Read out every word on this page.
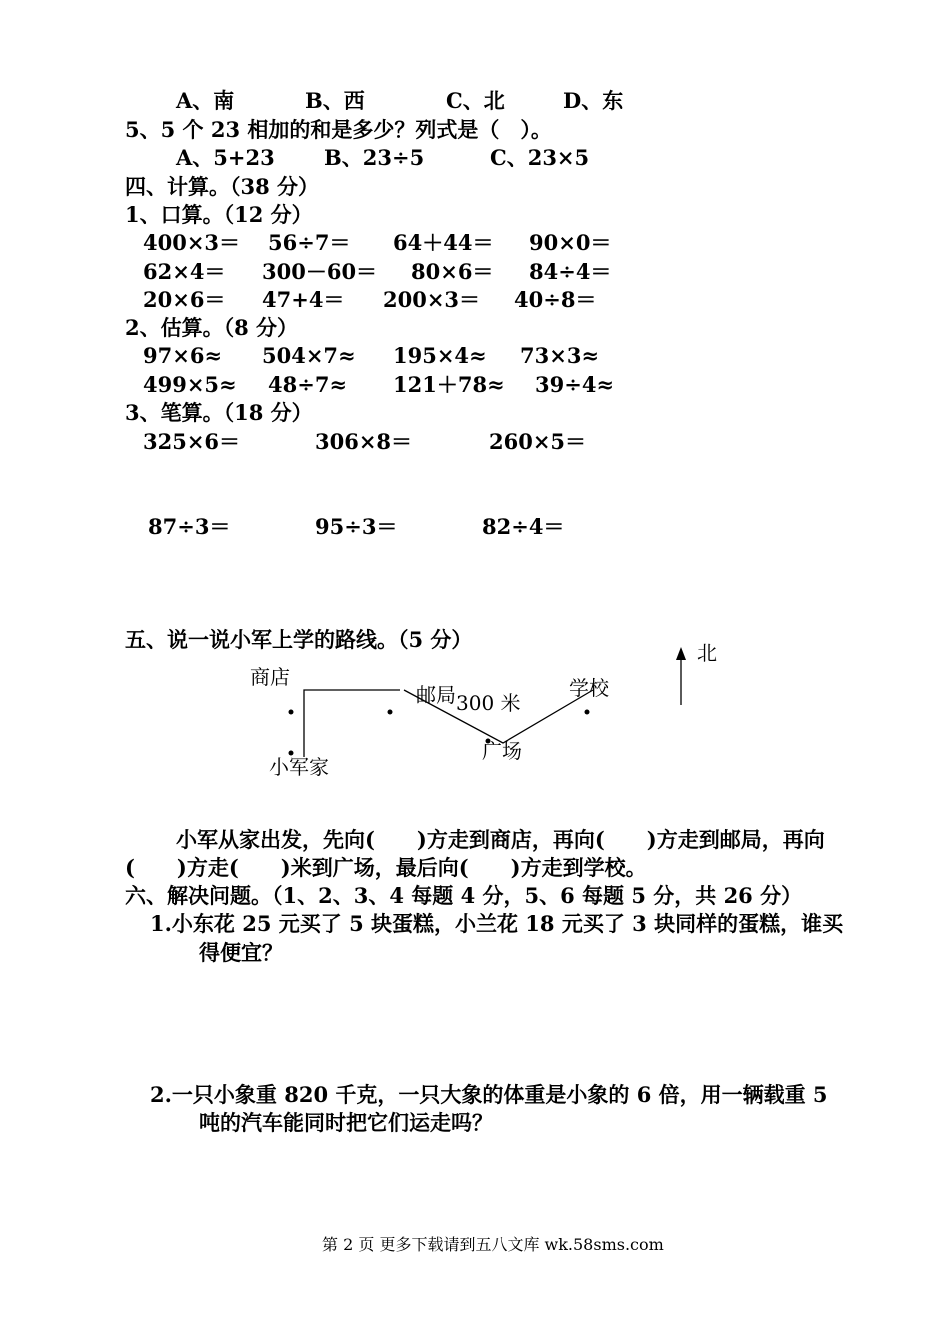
A、南	B、西	C、北	D、东
5、5 个 23 相加的和是多少？列式是（　）。
A、5+23 B、23÷5	C、23×5
四、计算。（38 分）
1、口算。（12 分）
400×3＝ 56÷7＝ 64＋44＝ 90×0＝
62×4＝ 300－60＝ 80×6＝ 84÷4＝
20×6＝ 47+4＝ 200×3＝ 40÷8＝
2、估算。（8 分）
97×6≈ 504×7≈ 195×4≈ 73×3≈
499×5≈ 48÷7≈ 121＋78≈ 39÷4≈
3、笔算。（18 分）
325×6＝	306×8＝	260×5＝
87÷3＝	95÷3＝	82÷4＝
五、说一说小军上学的路线。（5 分）
北
商店
邮局 300 米
学校
小军家
广场
小军从家出发，先向(　　)方走到商店，再向(　　)方走到邮局，再向
(　　)方走(　　)米到广场，最后向(　　)方走到学校。
六、解决问题。（1、2、3、4 每题 4 分，5、6 每题 5 分，共 26 分）
1.小东花 25 元买了 5 块蛋糕，小兰花 18 元买了 3 块同样的蛋糕，谁买
得便宜？
2.一只小象重 820 千克，一只大象的体重是小象的 6 倍，用一辆载重 5
吨的汽车能同时把它们运走吗？
第 2 页 更多下载请到五八文库 wk.58sms.com
